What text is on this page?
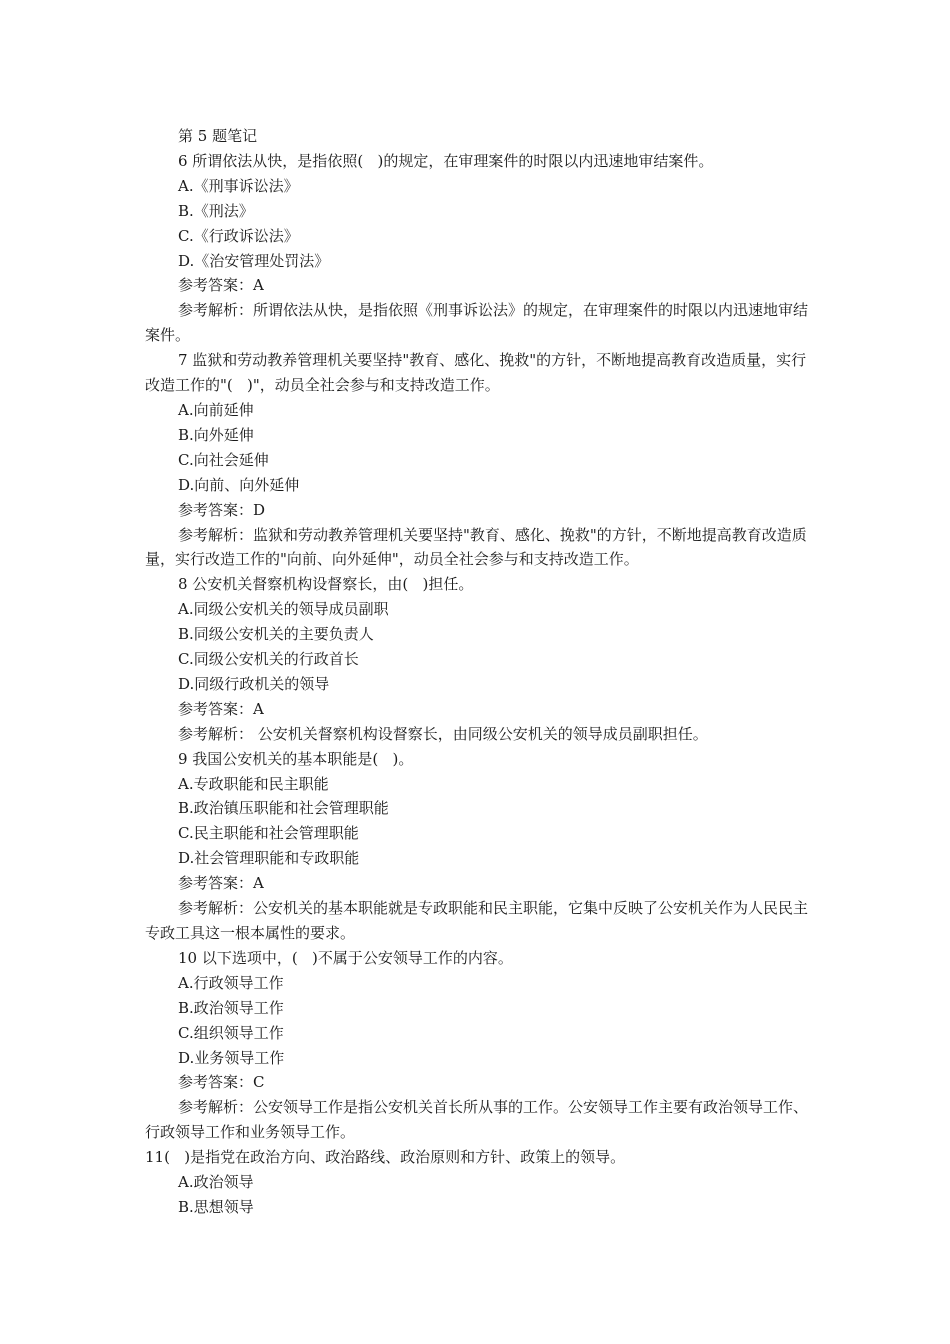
第 5 题笔记
6 所谓依法从快，是指依照(   )的规定，在审理案件的时限以内迅速地审结案件。
A.《刑事诉讼法》
B.《刑法》
C.《行政诉讼法》
D.《治安管理处罚法》
参考答案：A
参考解析：所谓依法从快，是指依照《刑事诉讼法》的规定，在审理案件的时限以内迅速地审结案件。
7 监狱和劳动教养管理机关要坚持"教育、感化、挽救"的方针，不断地提高教育改造质量，实行改造工作的"(   )"，动员全社会参与和支持改造工作。
A.向前延伸
B.向外延伸
C.向社会延伸
D.向前、向外延伸
参考答案：D
参考解析：监狱和劳动教养管理机关要坚持"教育、感化、挽救"的方针，不断地提高教育改造质量，实行改造工作的"向前、向外延伸"，动员全社会参与和支持改造工作。
8 公安机关督察机构设督察长，由(   )担任。
A.同级公安机关的领导成员副职
B.同级公安机关的主要负责人
C.同级公安机关的行政首长
D.同级行政机关的领导
参考答案：A
参考解析： 公安机关督察机构设督察长，由同级公安机关的领导成员副职担任。
9 我国公安机关的基本职能是(   )。
A.专政职能和民主职能
B.政治镇压职能和社会管理职能
C.民主职能和社会管理职能
D.社会管理职能和专政职能
参考答案：A
参考解析：公安机关的基本职能就是专政职能和民主职能，它集中反映了公安机关作为人民民主专政工具这一根本属性的要求。
10 以下选项中，(   )不属于公安领导工作的内容。
A.行政领导工作
B.政治领导工作
C.组织领导工作
D.业务领导工作
参考答案：C
参考解析：公安领导工作是指公安机关首长所从事的工作。公安领导工作主要有政治领导工作、行政领导工作和业务领导工作。
11(   )是指党在政治方向、政治路线、政治原则和方针、政策上的领导。
A.政治领导
B.思想领导
